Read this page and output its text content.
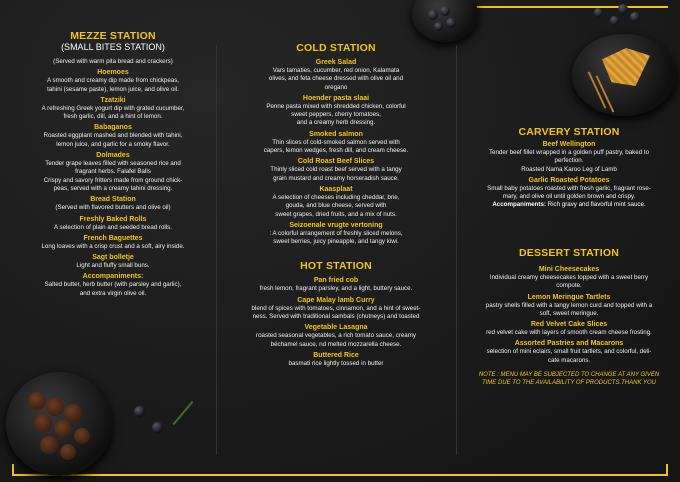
MEZZE STATION
(SMALL BITES STATION)
(Served with warm pita bread and crackers)
Hoemoes
A smooth and creamy dip made from chickpeas,
tahini (sesame paste), lemon juice, and olive oil.
Tzatziki
A refreshing Greek yogurt dip with grated cucumber,
fresh garlic, dill, and a hint of lemon.
Babaganos
Roasted eggplant mashed and blended with tahini,
lemon juice, and garlic for a smoky flavor.
Dolmades
Tender grape leaves filled with seasoned rice and
fragrant herbs. Falafel Balls
Crispy and savory fritters made from ground chick-
peas, served with a creamy tahini dressing.
Bread Station
(Served with flavored butters and olive oil)
Freshly Baked Rolls
A selection of plain and seeded bread rolls.
French Baguettes
Long loaves with a crisp crust and a soft, airy inside.
Sagt bolletje
Light and fluffy small buns.
Accompaniments:
Salted butter, herb butter (with parsley and garlic),
and extra virgin olive oil.
COLD STATION
Greek Salad
Vars tamaties, cucumber, red onion, Kalamata
olives, and feta cheese dressed with olive oil and
oregano
Hoender pasta slaai
Penne pasta mixed with shredded chicken, colorful
sweet peppers, cherry tomatoes,
and a creamy herb dressing.
Smoked salmon
Thin slices of cold-smoked salmon served with
capers, lemon wedges, fresh dill, and cream cheese.
Cold Roast Beef Slices
Thinly sliced cold roast beef served with a tangy
grain mustard and creamy horseradish sauce.
Kaasplaat
A selection of cheeses including cheddar, brie,
gouda, and blue cheese, served with
sweet grapes, dried fruits, and a mix of nuts.
Seizoenale vrugte vertoning
: A colorful arrangement of freshly sliced melons,
sweet berries, juicy pineapple, and tangy kiwi.
HOT STATION
Pan fried cob
fresh lemon, fragrant parsley, and a light, buttery sauce.
Cape Malay lamb Curry
blend of spices with tomatoes, cinnamon, and a hint of sweet-
ness. Served with traditional sambals (chutneys) and toasted
Vegetable Lasagna
roasted seasonal vegetables, a rich tomato sauce, creamy
béchamel sauce, nd melted mozzarella cheese.
Buttered Rice
basmati rice lightly tossed in butter
CARVERY STATION
Beef Wellington
Tender beef fillet wrapped in a golden puff pastry, baked to
perfection.
Roasted Nama Karoo Leg of Lamb
Garlic Roasted Potatoes
Small baby potatoes roasted with fresh garlic, fragrant rose-
mary, and olive oil until golden brown and crispy.
Accompaniments: Rich gravy and flavorful mint sauce.
DESSERT STATION
Mini Cheesecakes
Individual creamy cheesecakes topped with a sweet berry
compote.
Lemon Meringue Tartlets
pastry shells filled with a tangy lemon curd and topped with a
soft, sweet meringue.
Red Velvet Cake Slices
red velvet cake with layers of smooth cream cheese frosting.
Assorted Pastries and Macarons
selection of mini eclairs, small fruit tartlets, and colorful, deli-
cate macarons.
NOTE : MENU MAY BE SUBJECTED TO CHANGE AT ANY GIVEN
TIME DUE TO THE AVAILABILITY OF PRODUCTS.THANK YOU
